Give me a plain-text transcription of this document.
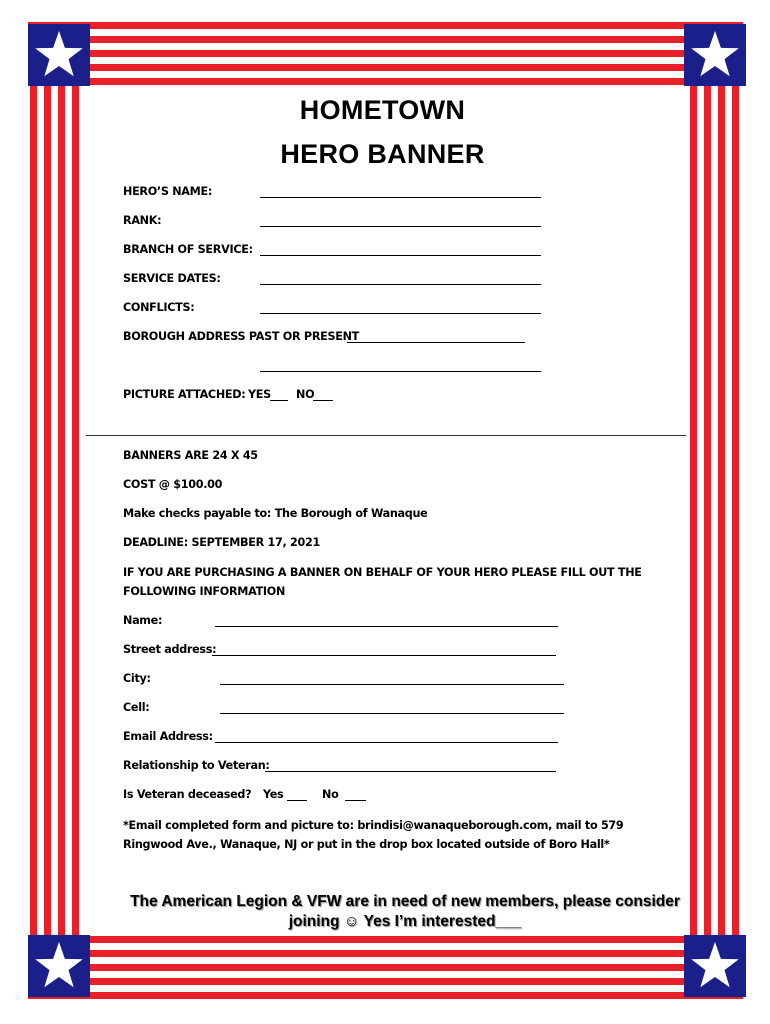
HOMETOWN
HERO BANNER
HERO’S NAME:
RANK:
BRANCH OF SERVICE:
SERVICE DATES:
CONFLICTS:
BOROUGH ADDRESS PAST OR PRESENT
PICTURE ATTACHED: YES NO
BANNERS ARE 24 X 45
COST @ $100.00
Make checks payable to: The Borough of Wanaque
DEADLINE: SEPTEMBER 17, 2021
IF YOU ARE PURCHASING A BANNER ON BEHALF OF YOUR HERO PLEASE FILL OUT THE FOLLOWING INFORMATION
Name:
Street address:
City:
Cell:
Email Address:
Relationship to Veteran:
Is Veteran deceased? Yes	No
*Email completed form and picture to: brindisi@wanaqueborough.com, mail to 579 Ringwood Ave., Wanaque, NJ or put in the drop box located outside of Boro Hall*
The American Legion & VFW are in need of new members, please consider
joining ☺ Yes I’m interested___
